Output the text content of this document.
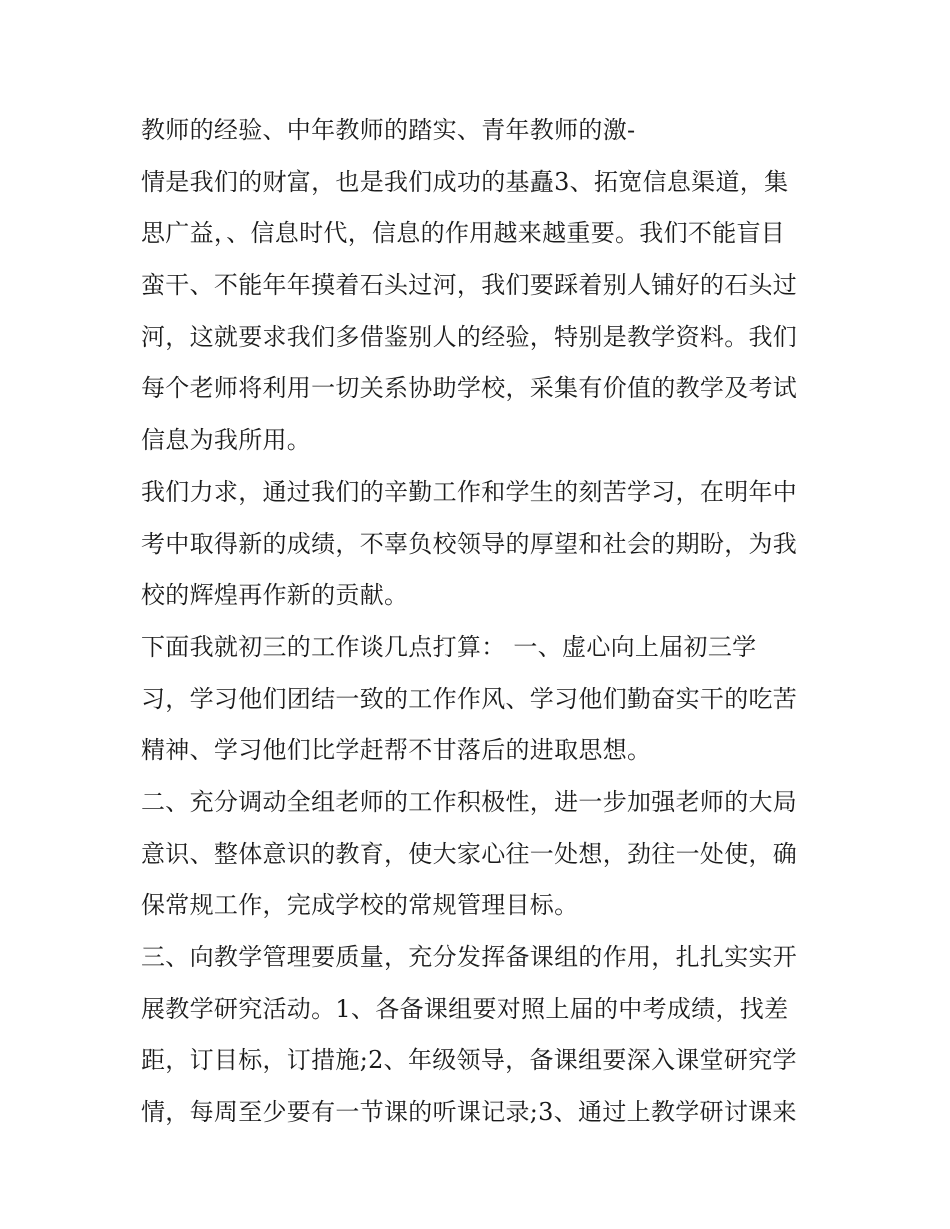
教师的经验、中年教师的踏实、青年教师的激-
情是我们的财富，也是我们成功的基矗3、拓宽信息渠道，集
思广益，、信息时代，信息的作用越来越重要。我们不能盲目
蛮干、不能年年摸着石头过河，我们要踩着别人铺好的石头过
河，这就要求我们多借鉴别人的经验，特别是教学资料。我们
每个老师将利用一切关系协助学校，采集有价值的教学及考试
信息为我所用。
我们力求，通过我们的辛勤工作和学生的刻苦学习，在明年中
考中取得新的成绩，不辜负校领导的厚望和社会的期盼，为我
校的辉煌再作新的贡献。
下面我就初三的工作谈几点打算： 一、虚心向上届初三学
习，学习他们团结一致的工作作风、学习他们勤奋实干的吃苦
精神、学习他们比学赶帮不甘落后的进取思想。
二、充分调动全组老师的工作积极性，进一步加强老师的大局
意识、整体意识的教育，使大家心往一处想，劲往一处使，确
保常规工作，完成学校的常规管理目标。
三、向教学管理要质量，充分发挥备课组的作用，扎扎实实开
展教学研究活动。1、各备课组要对照上届的中考成绩，找差
距，订目标，订措施;2、年级领导，备课组要深入课堂研究学
情，每周至少要有一节课的听课记录;3、通过上教学研讨课来
